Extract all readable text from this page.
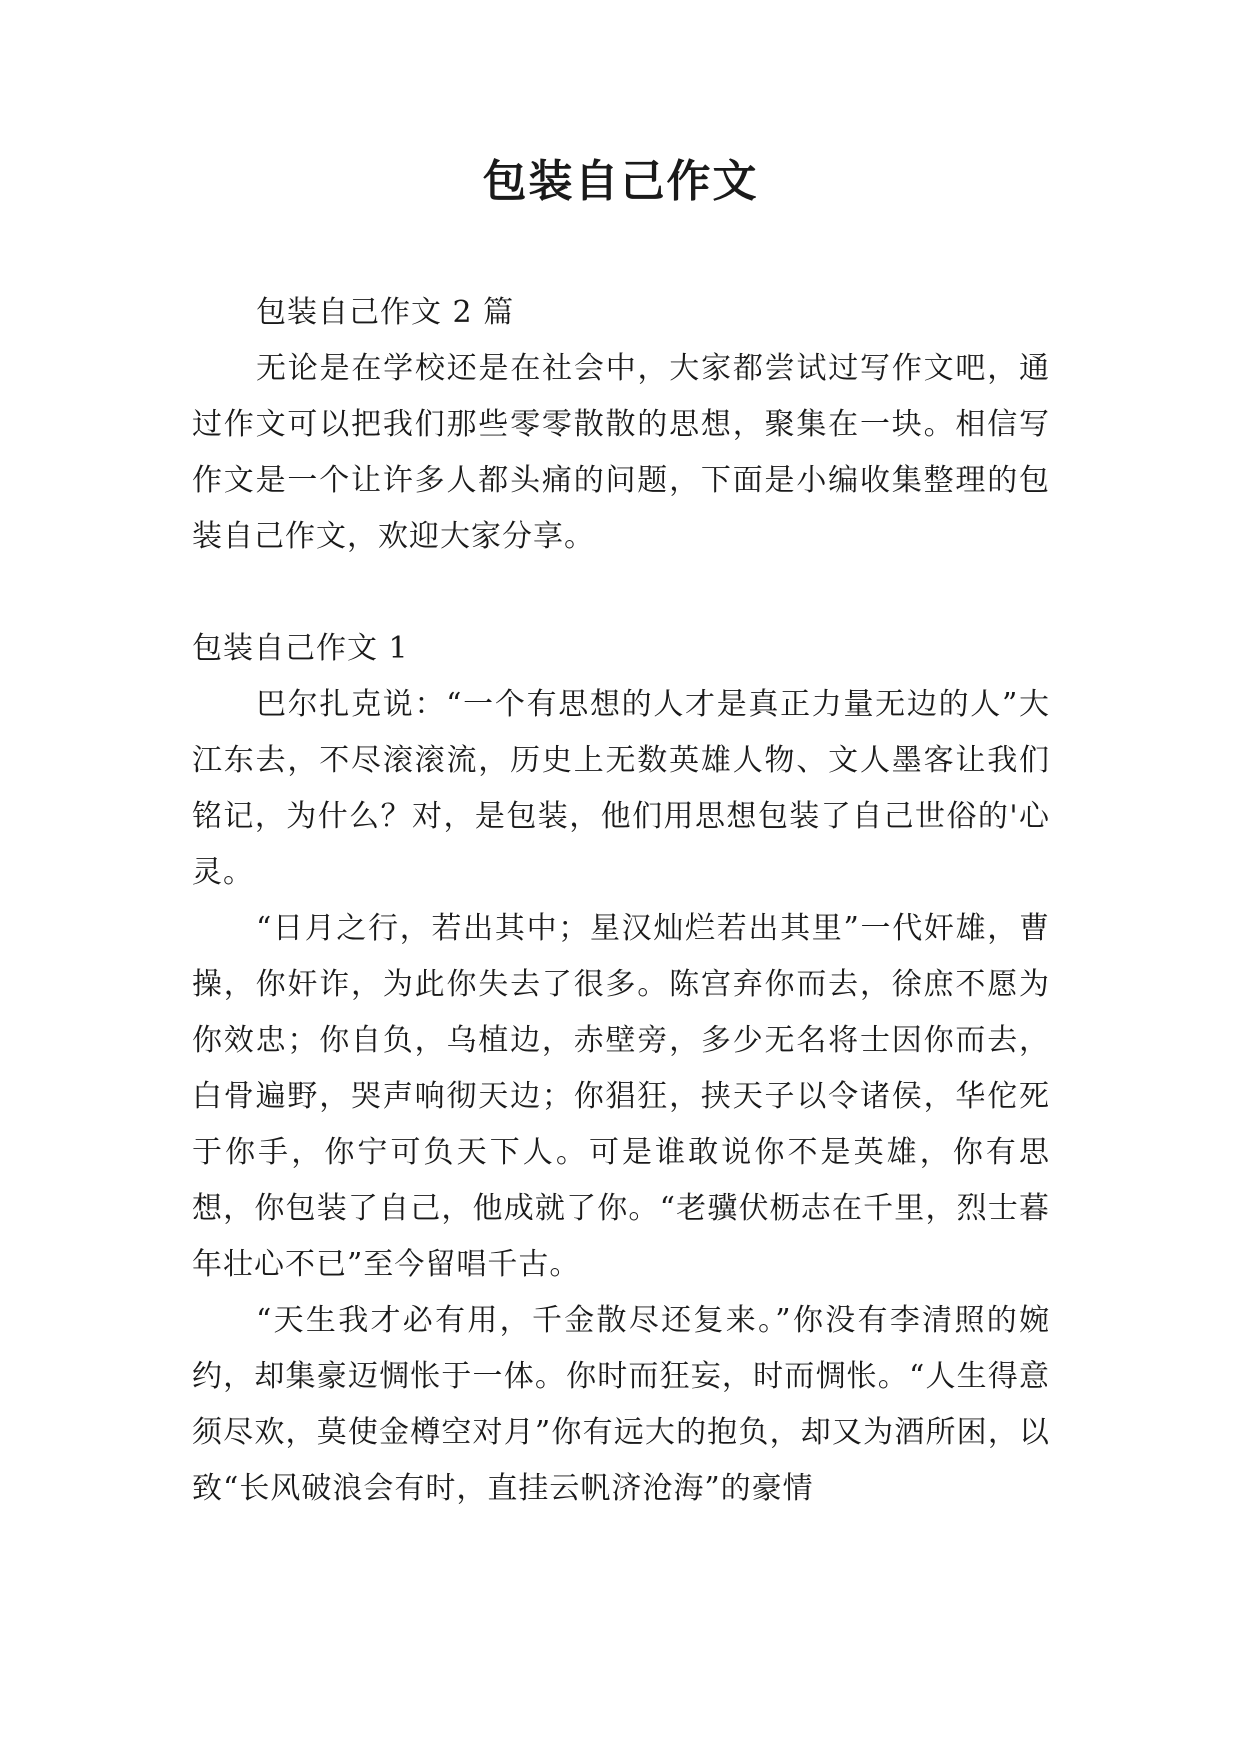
包装自己作文

包装自己作文 2 篇

无论是在学校还是在社会中，大家都尝试过写作文吧，通过作文可以把我们那些零零散散的思想，聚集在一块。相信写作文是一个让许多人都头痛的问题，下面是小编收集整理的包装自己作文，欢迎大家分享。

包装自己作文 1

巴尔扎克说：“一个有思想的人才是真正力量无边的人”大江东去，不尽滚滚流，历史上无数英雄人物、文人墨客让我们铭记，为什么？对，是包装，他们用思想包装了自己世俗的'心灵。

“日月之行，若出其中；星汉灿烂若出其里”一代奸雄，曹操，你奸诈，为此你失去了很多。陈宫弃你而去，徐庶不愿为你效忠；你自负，乌植边，赤壁旁，多少无名将士因你而去，白骨遍野，哭声响彻天边；你猖狂，挟天子以令诸侯，华佗死于你手，你宁可负天下人。可是谁敢说你不是英雄，你有思想，你包装了自己，他成就了你。“老骥伏枥志在千里，烈士暮年壮心不已”至今留唱千古。

“天生我才必有用，千金散尽还复来。”你没有李清照的婉约，却集豪迈惆怅于一体。你时而狂妄，时而惆怅。“人生得意须尽欢，莫使金樽空对月”你有远大的抱负，却又为酒所困，以致“长风破浪会有时，直挂云帆济沧海”的豪情
